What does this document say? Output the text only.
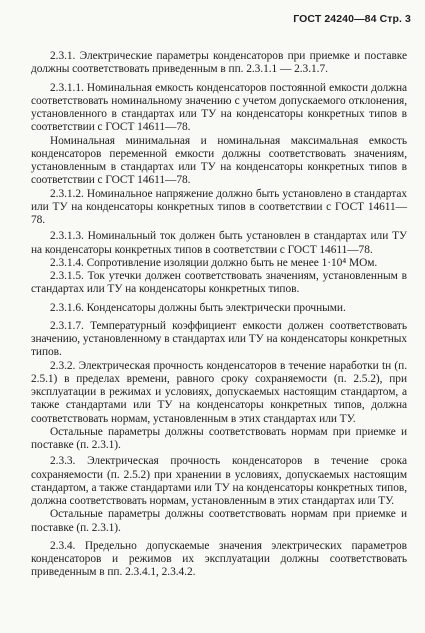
ГОСТ 24240—84 Стр. 3

2.3.1. Электрические параметры конденсаторов при приемке и поставке должны соответствовать приведенным в пп. 2.3.1.1 — 2.3.1.7.

2.3.1.1. Номинальная емкость конденсаторов постоянной емкости должна соответствовать номинальному значению с учетом допускаемого отклонения, установленного в стандартах или ТУ на конденсаторы конкретных типов в соответствии с ГОСТ 14611—78.

Номинальная минимальная и номинальная максимальная емкость конденсаторов переменной емкости должны соответствовать значениям, установленным в стандартах или ТУ на конденсаторы конкретных типов в соответствии с ГОСТ 14611—78.

2.3.1.2. Номинальное напряжение должно быть установлено в стандартах или ТУ на конденсаторы конкретных типов в соответствии с ГОСТ 14611—78.

2.3.1.3. Номинальный ток должен быть установлен в стандартах или ТУ на конденсаторы конкретных типов в соответствии с ГОСТ 14611—78.

2.3.1.4. Сопротивление изоляции должно быть не менее 1·10⁴ МОм.

2.3.1.5. Ток утечки должен соответствовать значениям, установленным в стандартах или ТУ на конденсаторы конкретных типов.

2.3.1.6. Конденсаторы должны быть электрически прочными.

2.3.1.7. Температурный коэффициент емкости должен соответствовать значению, установленному в стандартах или ТУ на конденсаторы конкретных типов.

2.3.2. Электрическая прочность конденсаторов в течение наработки tн (п. 2.5.1) в пределах времени, равного сроку сохраняемости (п. 2.5.2), при эксплуатации в режимах и условиях, допускаемых настоящим стандартом, а также стандартами или ТУ на конденсаторы конкретных типов, должна соответствовать нормам, установленным в этих стандартах или ТУ.

Остальные параметры должны соответствовать нормам при приемке и поставке (п. 2.3.1).

2.3.3. Электрическая прочность конденсаторов в течение срока сохраняемости (п. 2.5.2) при хранении в условиях, допускаемых настоящим стандартом, а также стандартами или ТУ на конденсаторы конкретных типов, должна соответствовать нормам, установленным в этих стандартах или ТУ.

Остальные параметры должны соответствовать нормам при приемке и поставке (п. 2.3.1).

2.3.4. Предельно допускаемые значения электрических параметров конденсаторов и режимов их эксплуатации должны соответствовать приведенным в пп. 2.3.4.1, 2.3.4.2.
